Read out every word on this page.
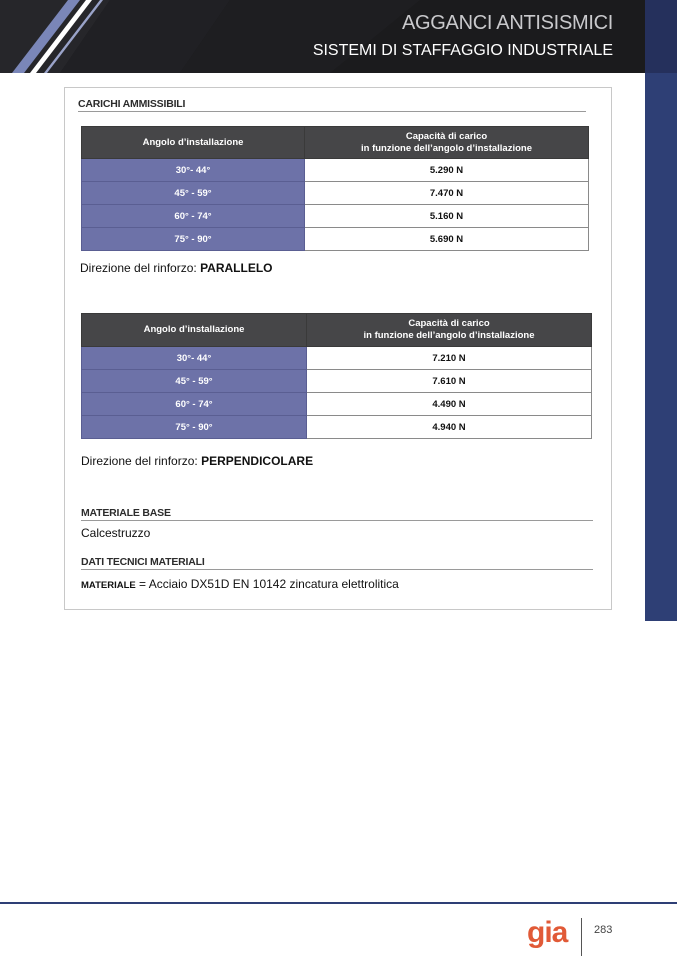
AGGANCI ANTISISMICI
SISTEMI DI STAFFAGGIO INDUSTRIALE
CARICHI AMMISSIBILI
Angolo d’installazione	Capacità di carico
in funzione dell’angolo d’installazione
30°- 44°	5.290 N
45° - 59°	7.470 N
60° - 74°	5.160 N
75° - 90°	5.690 N
Direzione del rinforzo: PARALLELO
Angolo d’installazione	Capacità di carico
in funzione dell’angolo d’installazione
30°- 44°	7.210 N
45° - 59°	7.610 N
60° - 74°	4.490 N
75° - 90°	4.940 N
Direzione del rinforzo: PERPENDICOLARE
MATERIALE BASE
Calcestruzzo
DATI TECNICI MATERIALI
MATERIALE = Acciaio DX51D EN 10142 zincatura elettrolitica
gia 283
